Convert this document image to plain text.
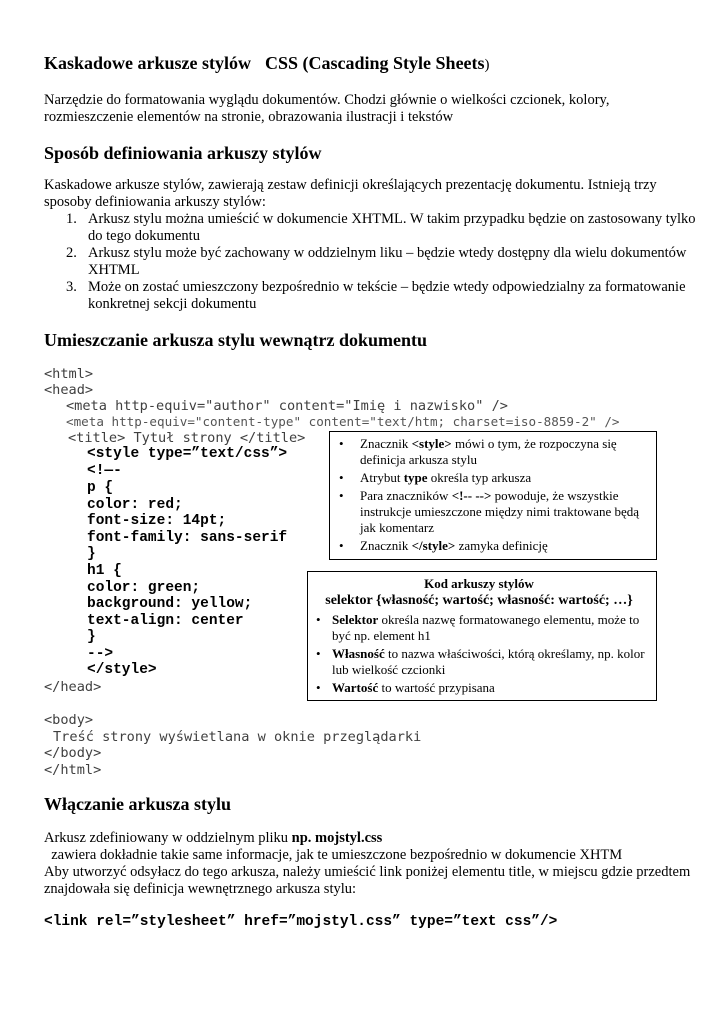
Kaskadowe arkusze stylów CSS (Cascading Style Sheets)

Narzędzie do formatowania wyglądu dokumentów. Chodzi głównie o wielkości czcionek, kolory, rozmieszczenie elementów na stronie, obrazowania ilustracji i tekstów

Sposób definiowania arkuszy stylów

Kaskadowe arkusze stylów, zawierają zestaw definicji określających prezentację dokumentu. Istnieją trzy sposoby definiowania arkuszy stylów:

1. Arkusz stylu można umieścić w dokumencie XHTML. W takim przypadku będzie on zastosowany tylko do tego dokumentu
2. Arkusz stylu może być zachowany w oddzielnym liku – będzie wtedy dostępny dla wielu dokumentów XHTML
3. Może on zostać umieszczony bezpośrednio w tekście – będzie wtedy odpowiedzialny za formatowanie konkretnej sekcji dokumentu
Umieszczanie arkusza stylu wewnątrz dokumentu
<html>
<head>
<meta http-equiv="author" content="Imię i nazwisko" />
<meta http-equiv="content-type" content="text/htm; charset=iso-8859-2" />
<title> Tytuł strony </title>
<style type=”text/css”>
<!—-
p {
color: red;
font-size: 14pt;
font-family: sans-serif
}
h1 {
color: green;
background: yellow;
text-align: center
}
-->
</style>
</head>
<body>
Treść strony wyświetlana w oknie przeglądarki
</body>
</html>
• Znacznik <style> mówi o tym, że rozpoczyna się definicja arkusza stylu
• Atrybut type określa typ arkusza
• Para znaczników <!-- --> powoduje, że wszystkie instrukcje umieszczone między nimi traktowane będą jak komentarz
• Znacznik </style> zamyka definicję
Kod arkuszy stylów
selektor {własność; wartość; własność: wartość; …}
• Selektor określa nazwę formatowanego elementu, może to być np. element h1
• Własność to nazwa właściwości, którą określamy, np. kolor lub wielkość czcionki
• Wartość to wartość przypisana
Włączanie arkusza stylu

Arkusz zdefiniowany w oddzielnym pliku np. mojstyl.css  zawiera dokładnie takie same informacje, jak te umieszczone bezpośrednio w dokumencie XHTM

Aby utworzyć odsyłacz do tego arkusza, należy umieścić link poniżej elementu title, w miejscu gdzie przedtem znajdowała się definicja wewnętrznego arkusza stylu:

<link rel=”stylesheet” href=”mojstyl.css” type=”text css”/>
